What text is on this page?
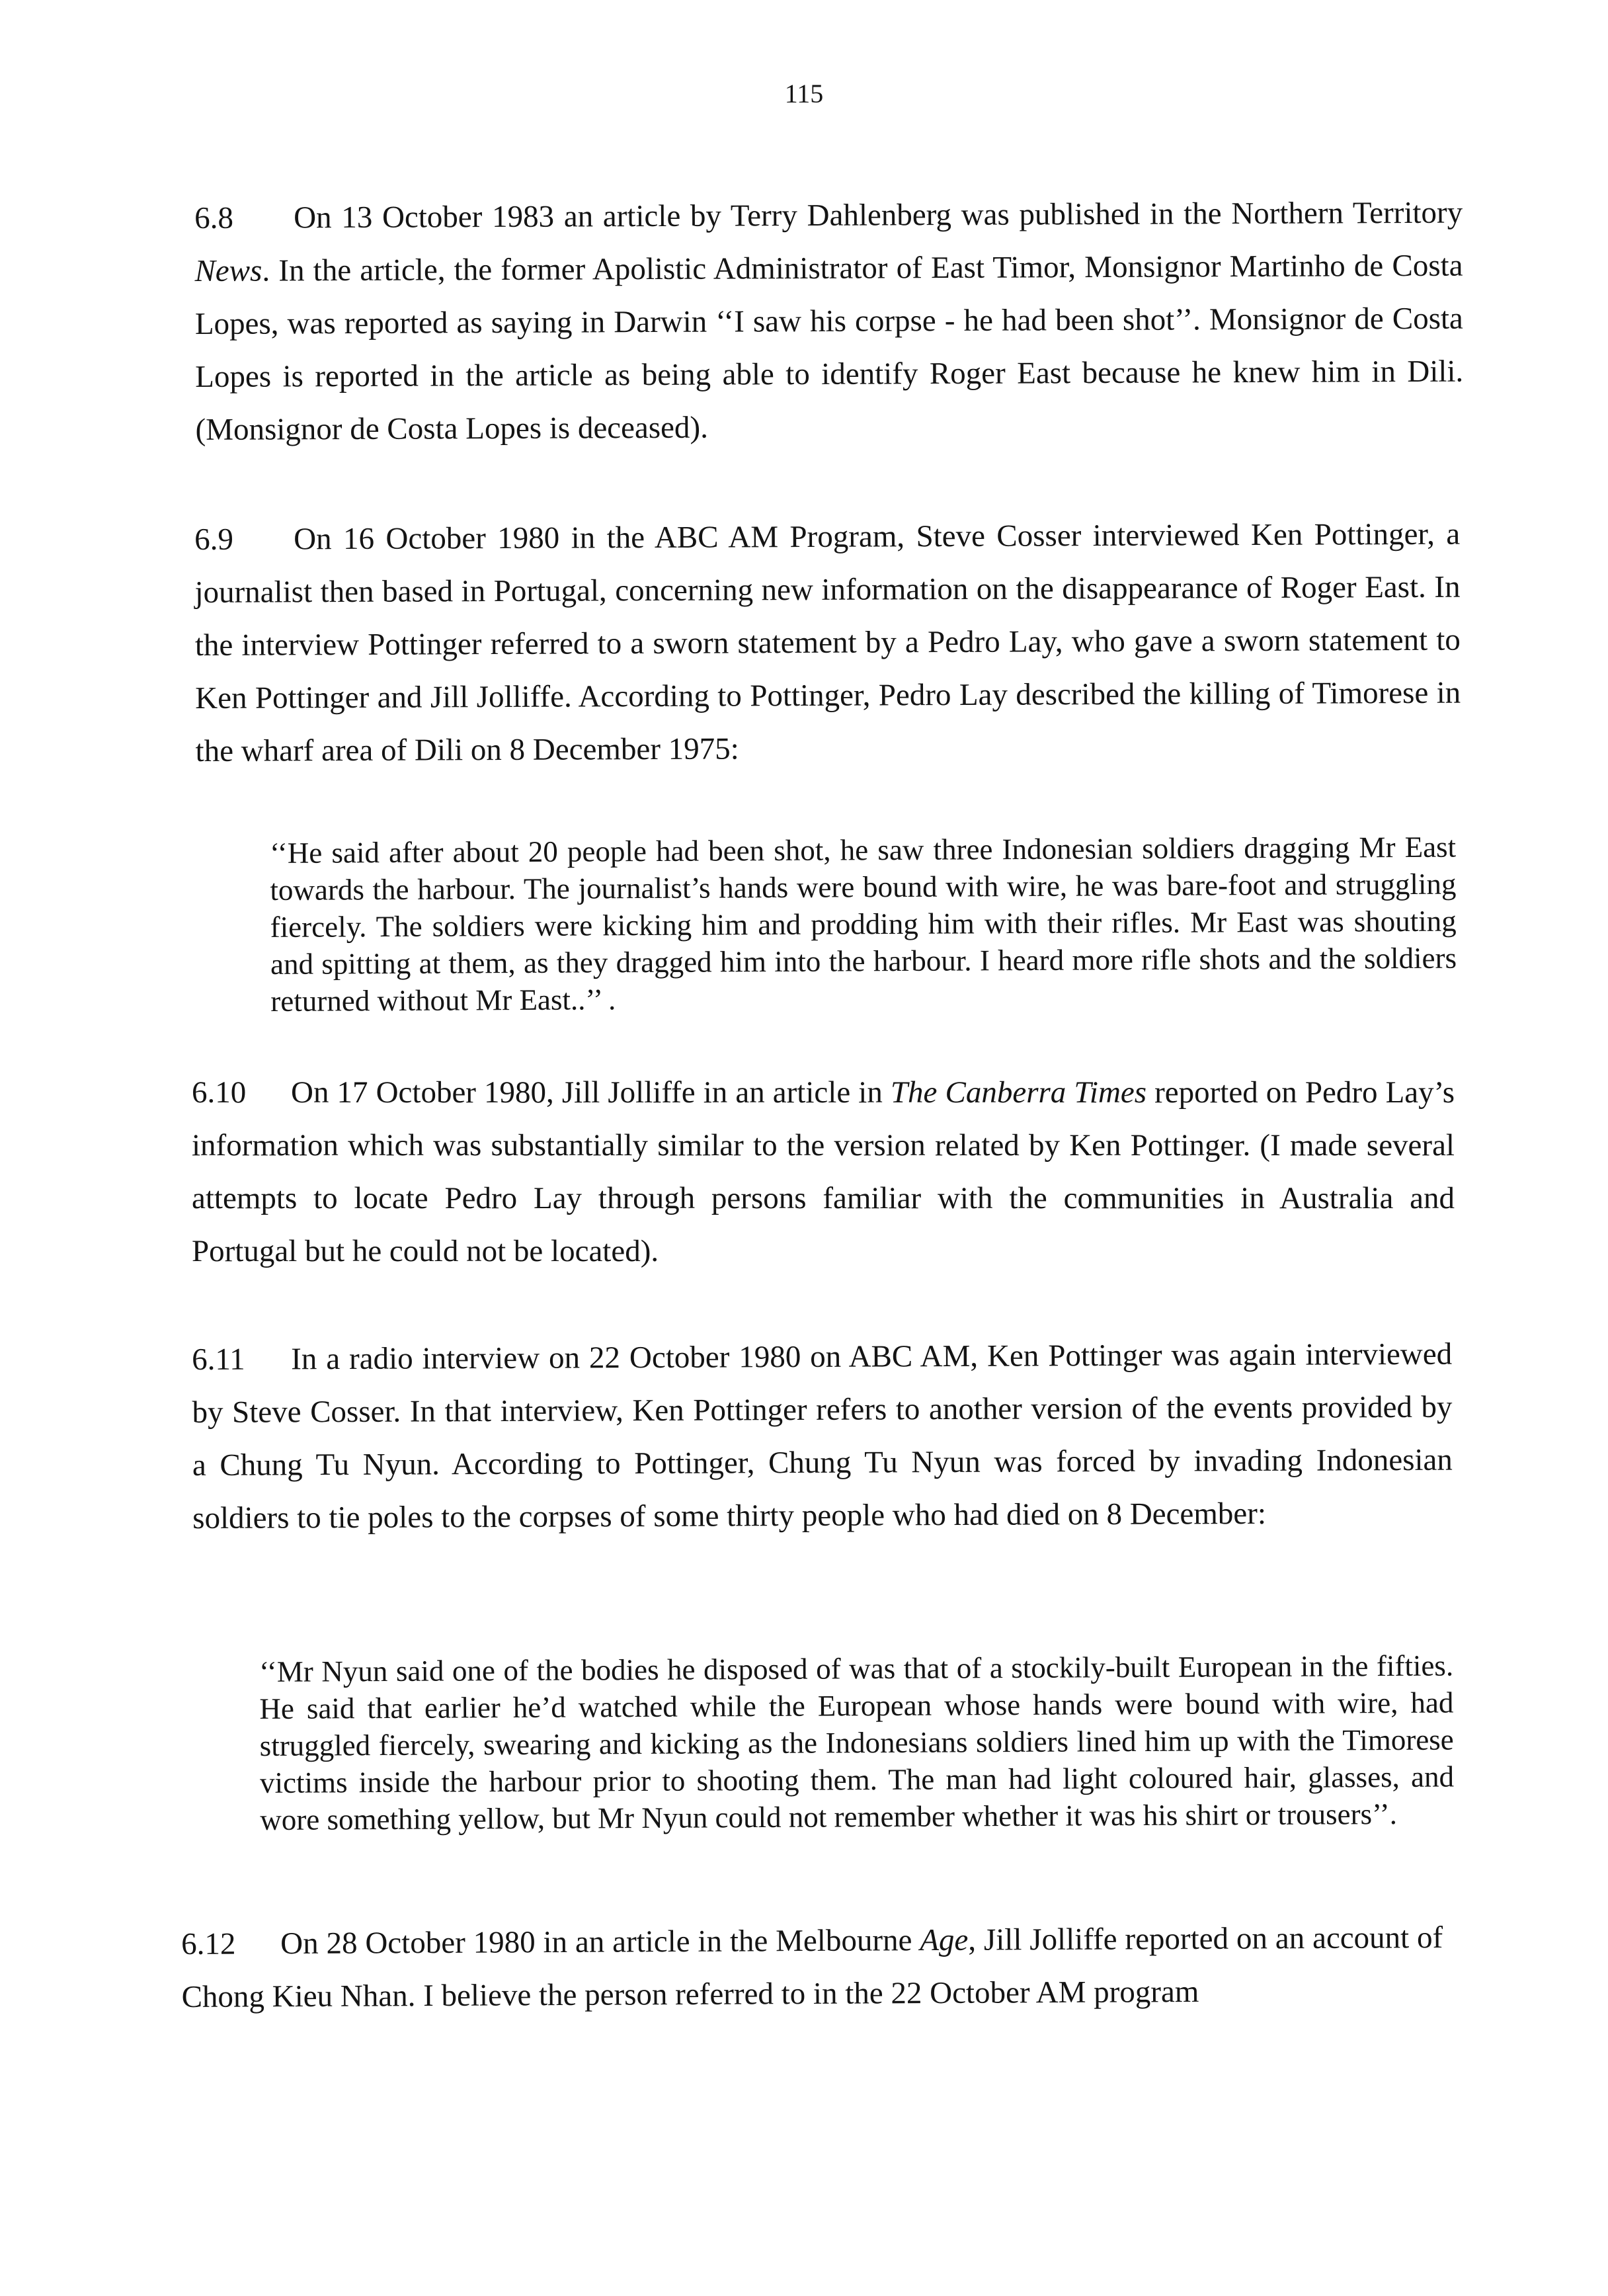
115
6.8 On 13 October 1983 an article by Terry Dahlenberg was published in the Northern Territory News. In the article, the former Apolistic Administrator of East Timor, Monsignor Martinho de Costa Lopes, was reported as saying in Darwin ‘‘I saw his corpse - he had been shot’’. Monsignor de Costa Lopes is reported in the article as being able to identify Roger East because he knew him in Dili. (Monsignor de Costa Lopes is deceased).
6.9 On 16 October 1980 in the ABC AM Program, Steve Cosser interviewed Ken Pottinger, a journalist then based in Portugal, concerning new information on the disappearance of Roger East. In the interview Pottinger referred to a sworn statement by a Pedro Lay, who gave a sworn statement to Ken Pottinger and Jill Jolliffe. According to Pottinger, Pedro Lay described the killing of Timorese in the wharf area of Dili on 8 December 1975:
‘‘He said after about 20 people had been shot, he saw three Indonesian soldiers dragging Mr East towards the harbour. The journalist’s hands were bound with wire, he was bare-foot and struggling fiercely. The soldiers were kicking him and prodding him with their rifles. Mr East was shouting and spitting at them, as they dragged him into the harbour. I heard more rifle shots and the soldiers returned without Mr East..’’ .
6.10 On 17 October 1980, Jill Jolliffe in an article in The Canberra Times reported on Pedro Lay’s information which was substantially similar to the version related by Ken Pottinger. (I made several attempts to locate Pedro Lay through persons familiar with the communities in Australia and Portugal but he could not be located).
6.11 In a radio interview on 22 October 1980 on ABC AM, Ken Pottinger was again interviewed by Steve Cosser. In that interview, Ken Pottinger refers to another version of the events provided by a Chung Tu Nyun. According to Pottinger, Chung Tu Nyun was forced by invading Indonesian soldiers to tie poles to the corpses of some thirty people who had died on 8 December:
‘‘Mr Nyun said one of the bodies he disposed of was that of a stockily-built European in the fifties. He said that earlier he’d watched while the European whose hands were bound with wire, had struggled fiercely, swearing and kicking as the Indonesians soldiers lined him up with the Timorese victims inside the harbour prior to shooting them. The man had light coloured hair, glasses, and wore something yellow, but Mr Nyun could not remember whether it was his shirt or trousers’’.
6.12 On 28 October 1980 in an article in the Melbourne Age, Jill Jolliffe reported on an account of Chong Kieu Nhan. I believe the person referred to in the 22 October AM program
